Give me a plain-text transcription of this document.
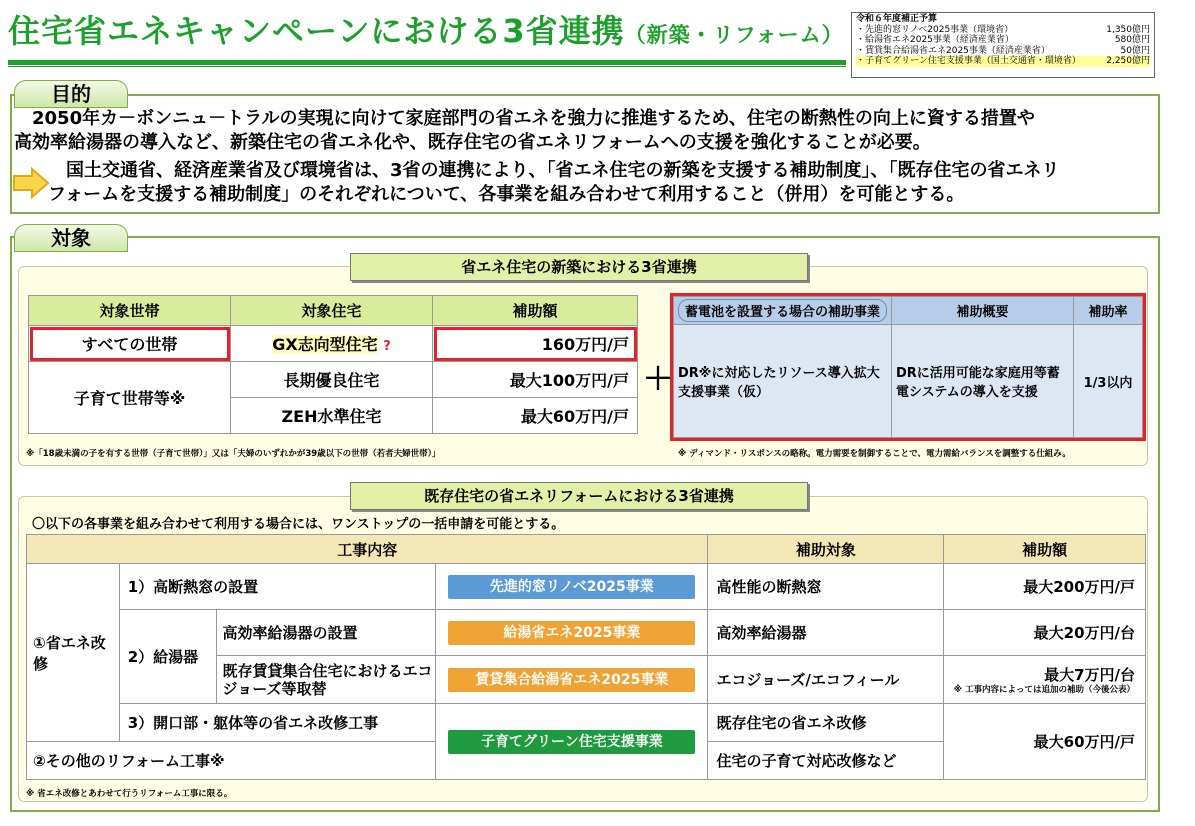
住宅省エネキャンペーンにおける3省連携（新築・リフォーム）
令和６年度補正予算
・先進的窓リノベ2025事業（環境省）	1,350億円
・給湯省エネ2025事業（経済産業省）	580億円
・賃貸集合給湯省エネ2025事業（経済産業省）	50億円
・子育てグリーン住宅支援事業（国土交通省・環境省）	2,250億円
目的
　2050年カ－ボンニュ－トラルの実現に向けて家庭部門の省エネを強力に推進するため、住宅の断熱性の向上に資する措置や
高効率給湯器の導入など、新築住宅の省エネ化や、既存住宅の省エネリフォームへの支援を強化することが必要。
　国土交通省、経済産業省及び環境省は、3省の連携により、「省エネ住宅の新築を支援する補助制度」、「既存住宅の省エネリ
フォームを支援する補助制度」のそれぞれについて、各事業を組み合わせて利用すること（併用）を可能とする。
対象
省エネ住宅の新築における3省連携
対象世帯	対象住宅	補助額
すべての世帯	GX志向型住宅 ?	160万円/戸
子育て世帯等※	長期優良住宅	最大100万円/戸
	ZEH水準住宅	最大60万円/戸
※「18歳未満の子を有する世帯（子育て世帯）」又は「夫婦のいずれかが39歳以下の世帯（若者夫婦世帯）」
＋
蓄電池を設置する場合の補助事業	補助概要	補助率
DR※に対応したリソース導入拡大支援事業（仮）	DRに活用可能な家庭用等蓄電システムの導入を支援	1/3以内
※ ディマンド・リスポンスの略称。電力需要を制御することで、電力需給バランスを調整する仕組み。
既存住宅の省エネリフォームにおける3省連携
〇以下の各事業を組み合わせて利用する場合には、ワンストップの一括申請を可能とする。
工事内容				補助対象	補助額
①省エネ改修	1）高断熱窓の設置		先進的窓リノベ2025事業	高性能の断熱窓	最大200万円/戸
	2）給湯器	高効率給湯器の設置	給湯省エネ2025事業	高効率給湯器	最大20万円/台
		既存賃貸集合住宅におけるエコジョーズ等取替	賃貸集合給湯省エネ2025事業	エコジョーズ/エコフィール	最大7万円/台
※ 工事内容によっては追加の補助（今後公表）

	3）開口部・躯体等の省エネ改修工事		子育てグリーン住宅支援事業	既存住宅の省エネ改修	最大60万円/戸
②その他のリフォーム工事※				住宅の子育て対応改修など	
※ 省エネ改修とあわせて行うリフォーム工事に限る。
